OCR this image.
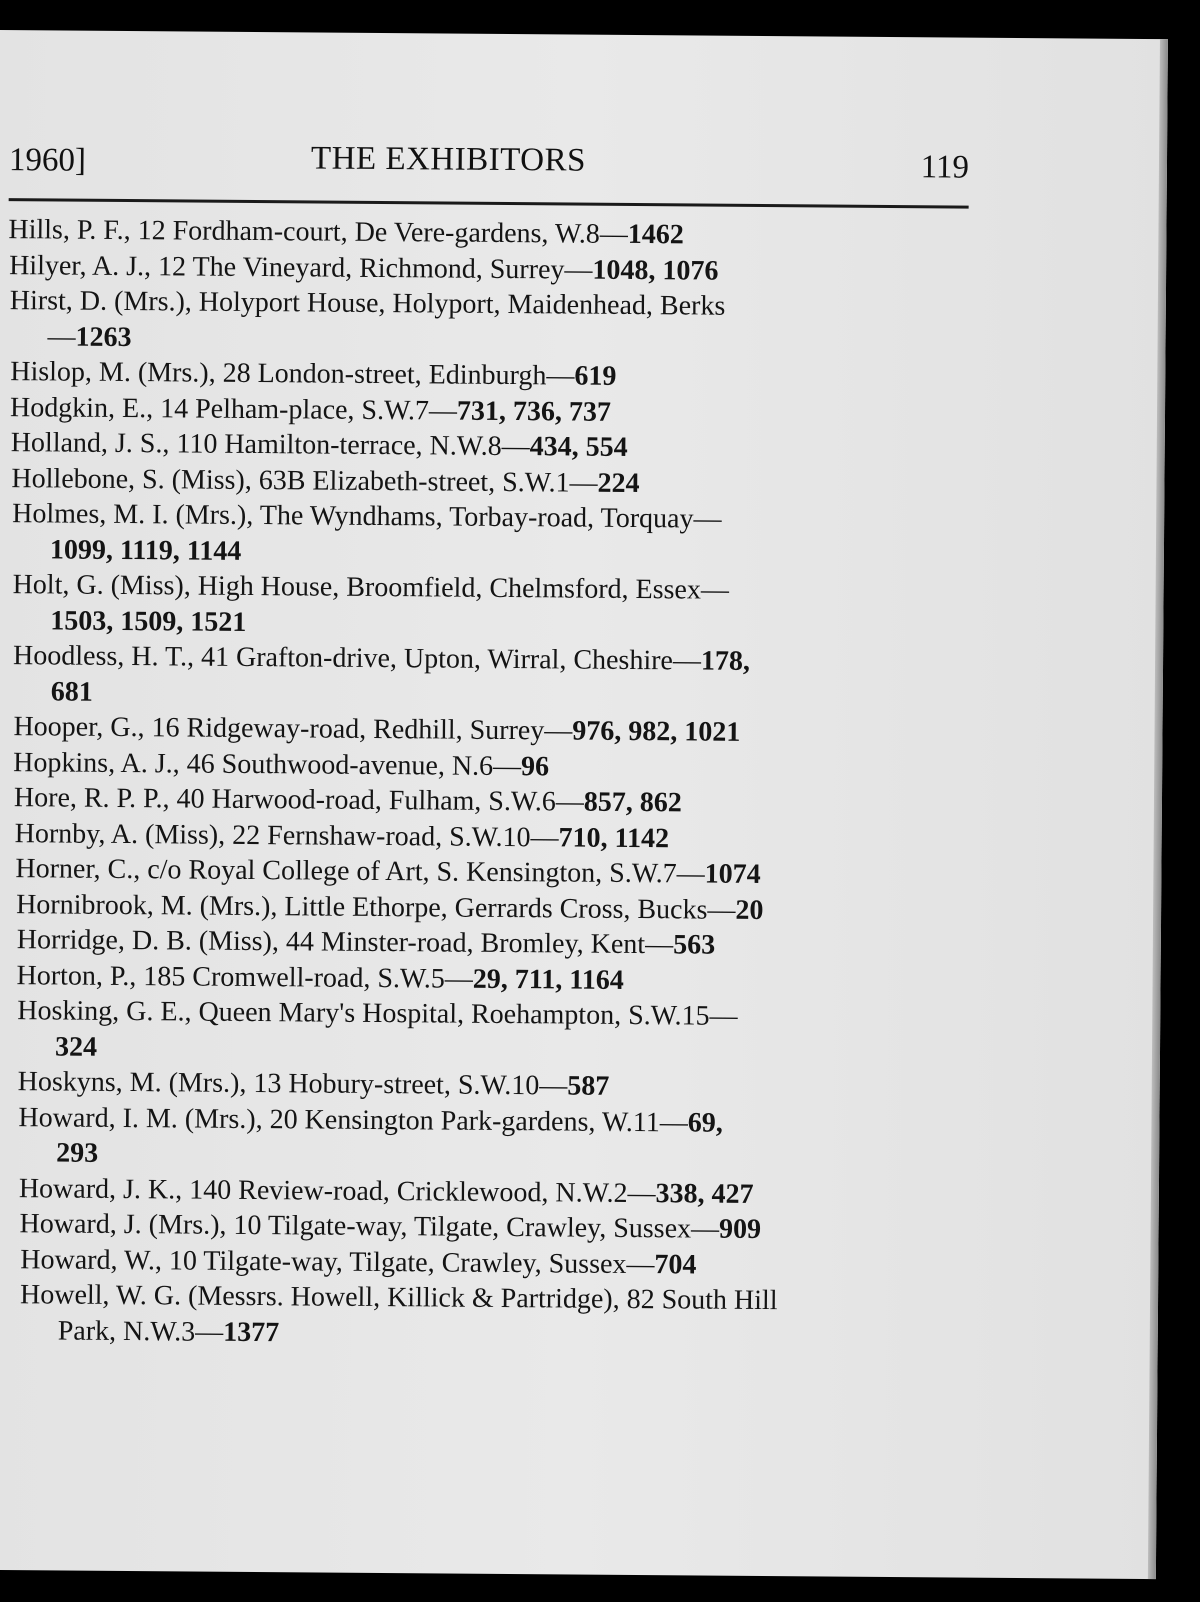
1960]	THE EXHIBITORS	119
Hills, P. F., 12 Fordham-court, De Vere-gardens, W.8—1462
Hilyer, A. J., 12 The Vineyard, Richmond, Surrey—1048, 1076
Hirst, D. (Mrs.), Holyport House, Holyport, Maidenhead, Berks
—1263
Hislop, M. (Mrs.), 28 London-street, Edinburgh—619
Hodgkin, E., 14 Pelham-place, S.W.7—731, 736, 737
Holland, J. S., 110 Hamilton-terrace, N.W.8—434, 554
Hollebone, S. (Miss), 63B Elizabeth-street, S.W.1—224
Holmes, M. I. (Mrs.), The Wyndhams, Torbay-road, Torquay—
1099, 1119, 1144
Holt, G. (Miss), High House, Broomfield, Chelmsford, Essex—
1503, 1509, 1521
Hoodless, H. T., 41 Grafton-drive, Upton, Wirral, Cheshire—178,
681
Hooper, G., 16 Ridgeway-road, Redhill, Surrey—976, 982, 1021
Hopkins, A. J., 46 Southwood-avenue, N.6—96
Hore, R. P. P., 40 Harwood-road, Fulham, S.W.6—857, 862
Hornby, A. (Miss), 22 Fernshaw-road, S.W.10—710, 1142
Horner, C., c/o Royal College of Art, S. Kensington, S.W.7—1074
Hornibrook, M. (Mrs.), Little Ethorpe, Gerrards Cross, Bucks—20
Horridge, D. B. (Miss), 44 Minster-road, Bromley, Kent—563
Horton, P., 185 Cromwell-road, S.W.5—29, 711, 1164
Hosking, G. E., Queen Mary's Hospital, Roehampton, S.W.15—
324
Hoskyns, M. (Mrs.), 13 Hobury-street, S.W.10—587
Howard, I. M. (Mrs.), 20 Kensington Park-gardens, W.11—69,
293
Howard, J. K., 140 Review-road, Cricklewood, N.W.2—338, 427
Howard, J. (Mrs.), 10 Tilgate-way, Tilgate, Crawley, Sussex—909
Howard, W., 10 Tilgate-way, Tilgate, Crawley, Sussex—704
Howell, W. G. (Messrs. Howell, Killick & Partridge), 82 South Hill
Park, N.W.3—1377
